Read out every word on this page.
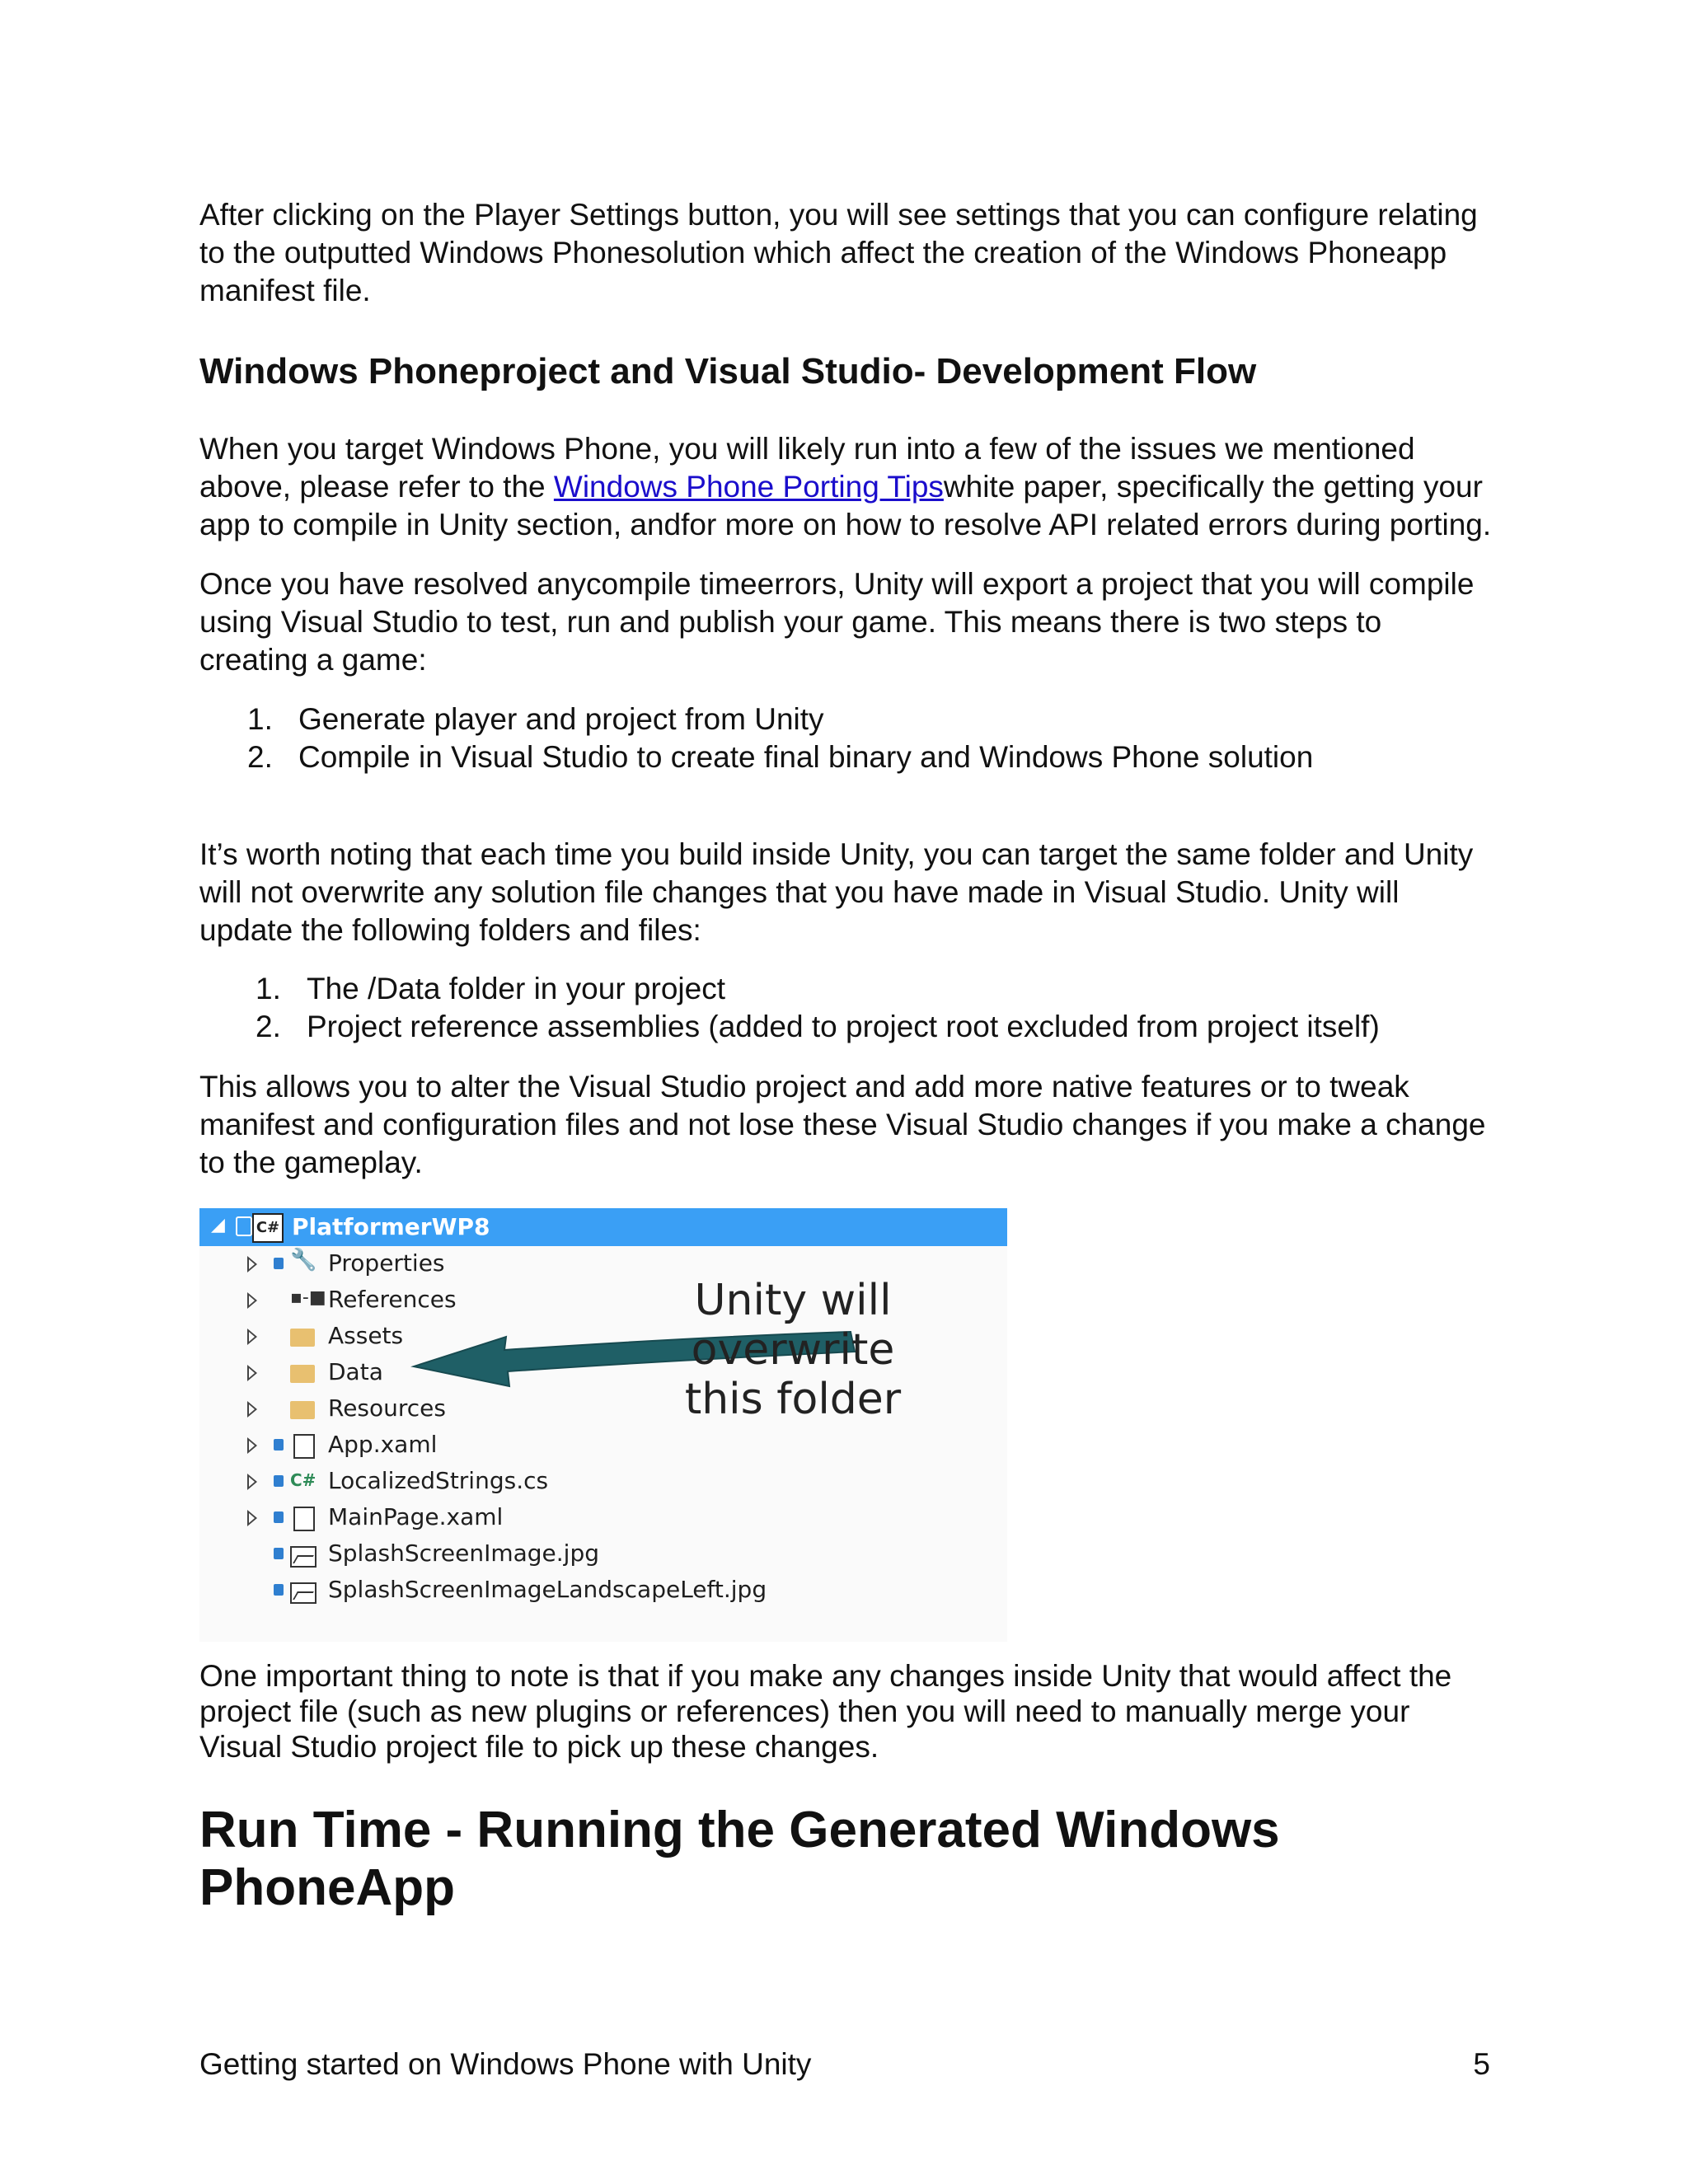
After clicking on the Player Settings button, you will see settings that you can configure relating to the outputted Windows Phonesolution which affect the creation of the Windows Phoneapp manifest file.

Windows Phoneproject and Visual Studio- Development Flow

When you target Windows Phone, you will likely run into a few of the issues we mentioned above, please refer to the Windows Phone Porting Tipswhite paper, specifically the getting your app to compile in Unity section, andfor more on how to resolve API related errors during porting.

Once you have resolved anycompile timeerrors, Unity will export a project that you will compile using Visual Studio to test, run and publish your game. This means there is two steps to creating a game:

1. Generate player and project from Unity
2. Compile in Visual Studio to create final binary and Windows Phone solution

It’s worth noting that each time you build inside Unity, you can target the same folder and Unity will not overwrite any solution file changes that you have made in Visual Studio. Unity will update the following folders and files:

1. The /Data folder in your project
2. Project reference assemblies (added to project root excluded from project itself)

This allows you to alter the Visual Studio project and add more native features or to tweak manifest and configuration files and not lose these Visual Studio changes if you make a change to the gameplay.

One important thing to note is that if you make any changes inside Unity that would affect the project file (such as new plugins or references) then you will need to manually merge your Visual Studio project file to pick up these changes.

Run Time - Running the Generated Windows PhoneApp
◢ C# PlatformerWP8
🔧 Properties
▪‑■ References
Assets
Data
Resources
App.xaml
C# LocalizedStrings.cs
MainPage.xaml
SplashScreenImage.jpg
SplashScreenImageLandscapeLeft.jpg
Unity will overwrite this folder
Getting started on Windows Phone with Unity	5
